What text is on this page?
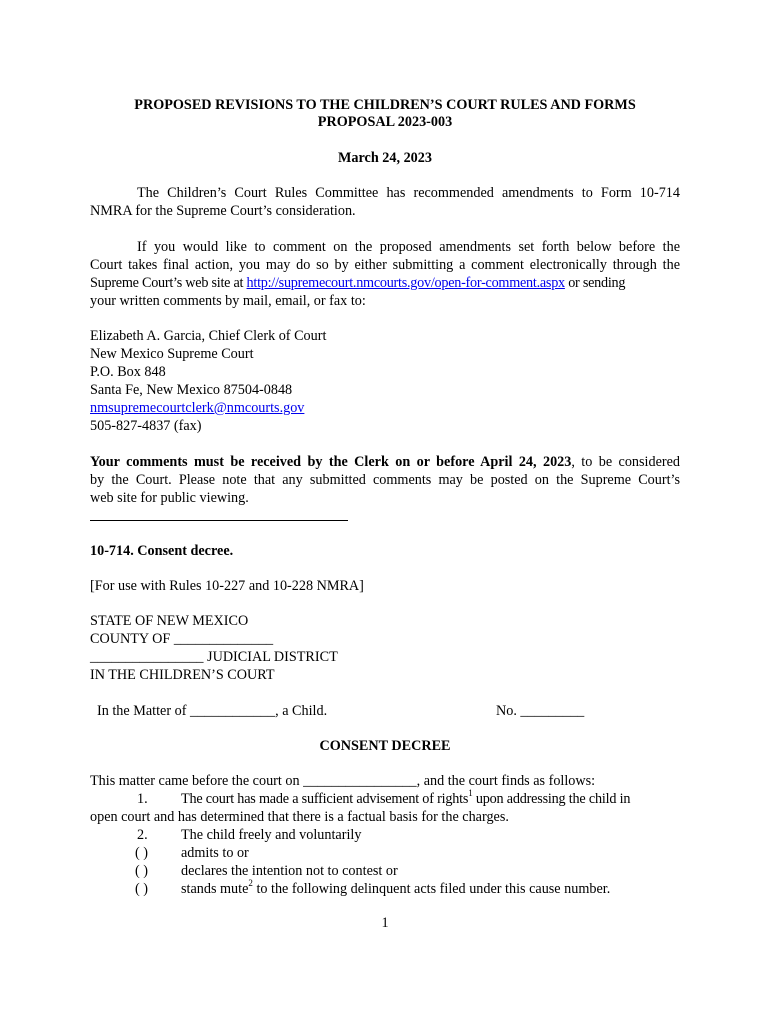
PROPOSED REVISIONS TO THE CHILDREN’S COURT RULES AND FORMS
PROPOSAL 2023-003
March 24, 2023
The Children’s Court Rules Committee has recommended amendments to Form 10-714
NMRA for the Supreme Court’s consideration.
If you would like to comment on the proposed amendments set forth below before the
Court takes final action, you may do so by either submitting a comment electronically through the
Supreme Court’s web site at http://supremecourt.nmcourts.gov/open-for-comment.aspx or sending
your written comments by mail, email, or fax to:
Elizabeth A. Garcia, Chief Clerk of Court
New Mexico Supreme Court
P.O. Box 848
Santa Fe, New Mexico 87504-0848
nmsupremecourtclerk@nmcourts.gov
505-827-4837 (fax)
Your comments must be received by the Clerk on or before April 24, 2023, to be considered
by the Court. Please note that any submitted comments may be posted on the Supreme Court’s
web site for public viewing.
10-714. Consent decree.
[For use with Rules 10-227 and 10-228 NMRA]
STATE OF NEW MEXICO
COUNTY OF ______________
________________ JUDICIAL DISTRICT
IN THE CHILDREN’S COURT
In the Matter of ____________, a Child.	No. _________
CONSENT DECREE
This matter came before the court on ________________, and the court finds as follows:
1. The court has made a sufficient advisement of rights$^1$ upon addressing the child in
open court and has determined that there is a factual basis for the charges.
2. The child freely and voluntarily
( ) admits to or
( ) declares the intention not to contest or
( ) stands mute$^2$ to the following delinquent acts filed under this cause number.
1
